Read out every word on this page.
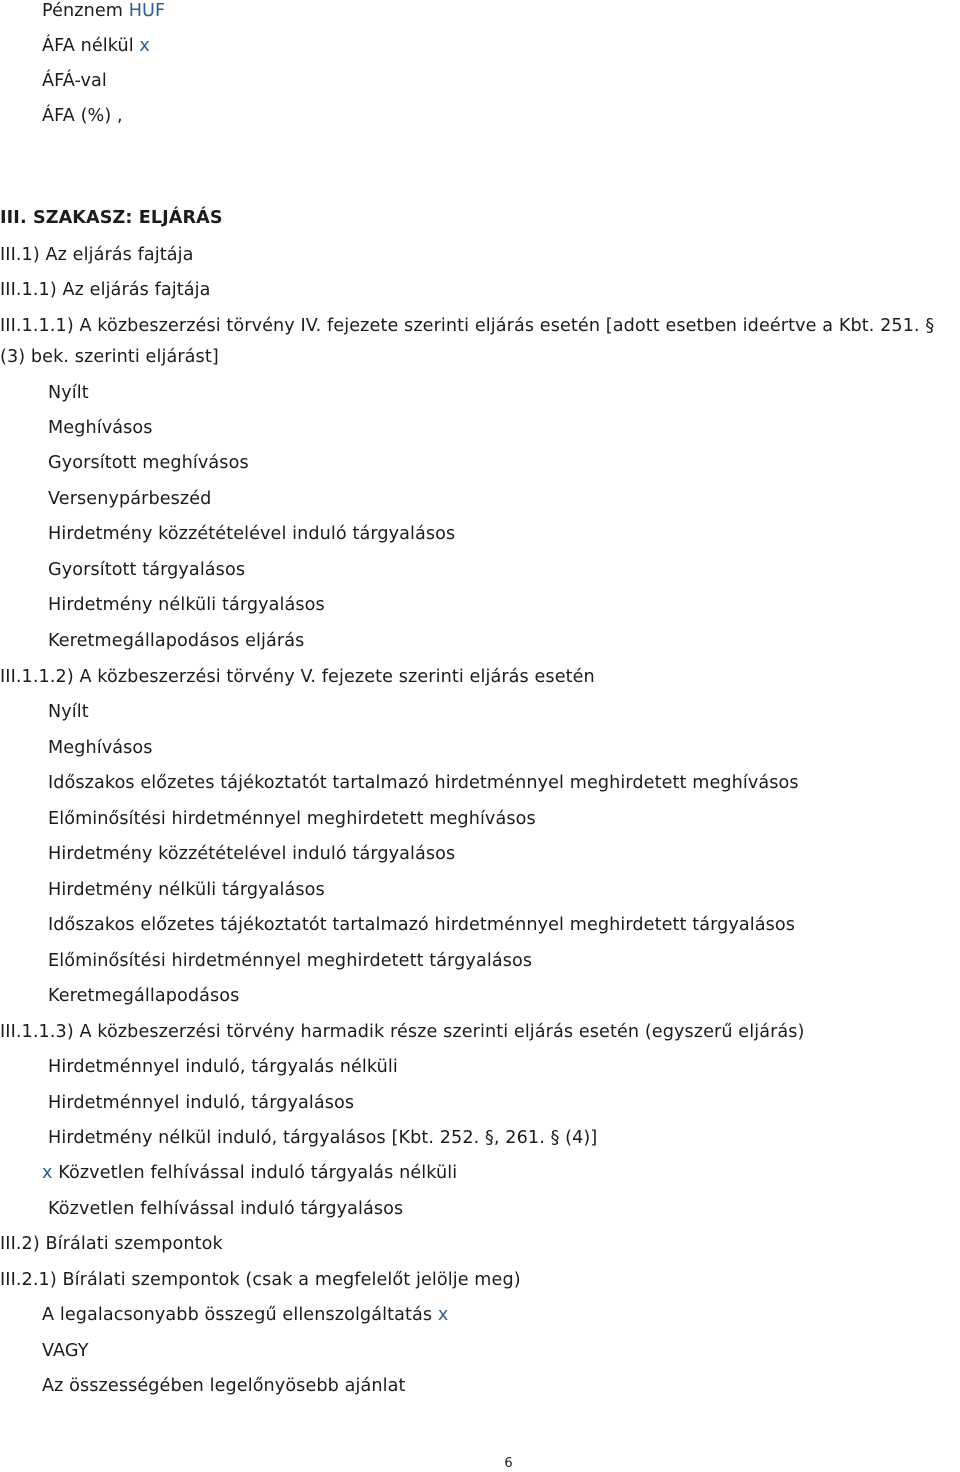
Pénznem HUF
ÁFA nélkül x
ÁFÁ-val
ÁFA (%) ,
III. SZAKASZ: ELJÁRÁS
III.1) Az eljárás fajtája
III.1.1) Az eljárás fajtája
III.1.1.1) A közbeszerzési törvény IV. fejezete szerinti eljárás esetén [adott esetben ideértve a Kbt. 251. §
(3) bek. szerinti eljárást]
Nyílt
Meghívásos
Gyorsított meghívásos
Versenypárbeszéd
Hirdetmény közzétételével induló tárgyalásos
Gyorsított tárgyalásos
Hirdetmény nélküli tárgyalásos
Keretmegállapodásos eljárás
III.1.1.2) A közbeszerzési törvény V. fejezete szerinti eljárás esetén
Nyílt
Meghívásos
Időszakos előzetes tájékoztatót tartalmazó hirdetménnyel meghirdetett meghívásos
Előminősítési hirdetménnyel meghirdetett meghívásos
Hirdetmény közzétételével induló tárgyalásos
Hirdetmény nélküli tárgyalásos
Időszakos előzetes tájékoztatót tartalmazó hirdetménnyel meghirdetett tárgyalásos
Előminősítési hirdetménnyel meghirdetett tárgyalásos
Keretmegállapodásos
III.1.1.3) A közbeszerzési törvény harmadik része szerinti eljárás esetén (egyszerű eljárás)
Hirdetménnyel induló, tárgyalás nélküli
Hirdetménnyel induló, tárgyalásos
Hirdetmény nélkül induló, tárgyalásos [Kbt. 252. §, 261. § (4)]
x Közvetlen felhívással induló tárgyalás nélküli
Közvetlen felhívással induló tárgyalásos
III.2) Bírálati szempontok
III.2.1) Bírálati szempontok (csak a megfelelőt jelölje meg)
A legalacsonyabb összegű ellenszolgáltatás x
VAGY
Az összességében legelőnyösebb ajánlat
6
